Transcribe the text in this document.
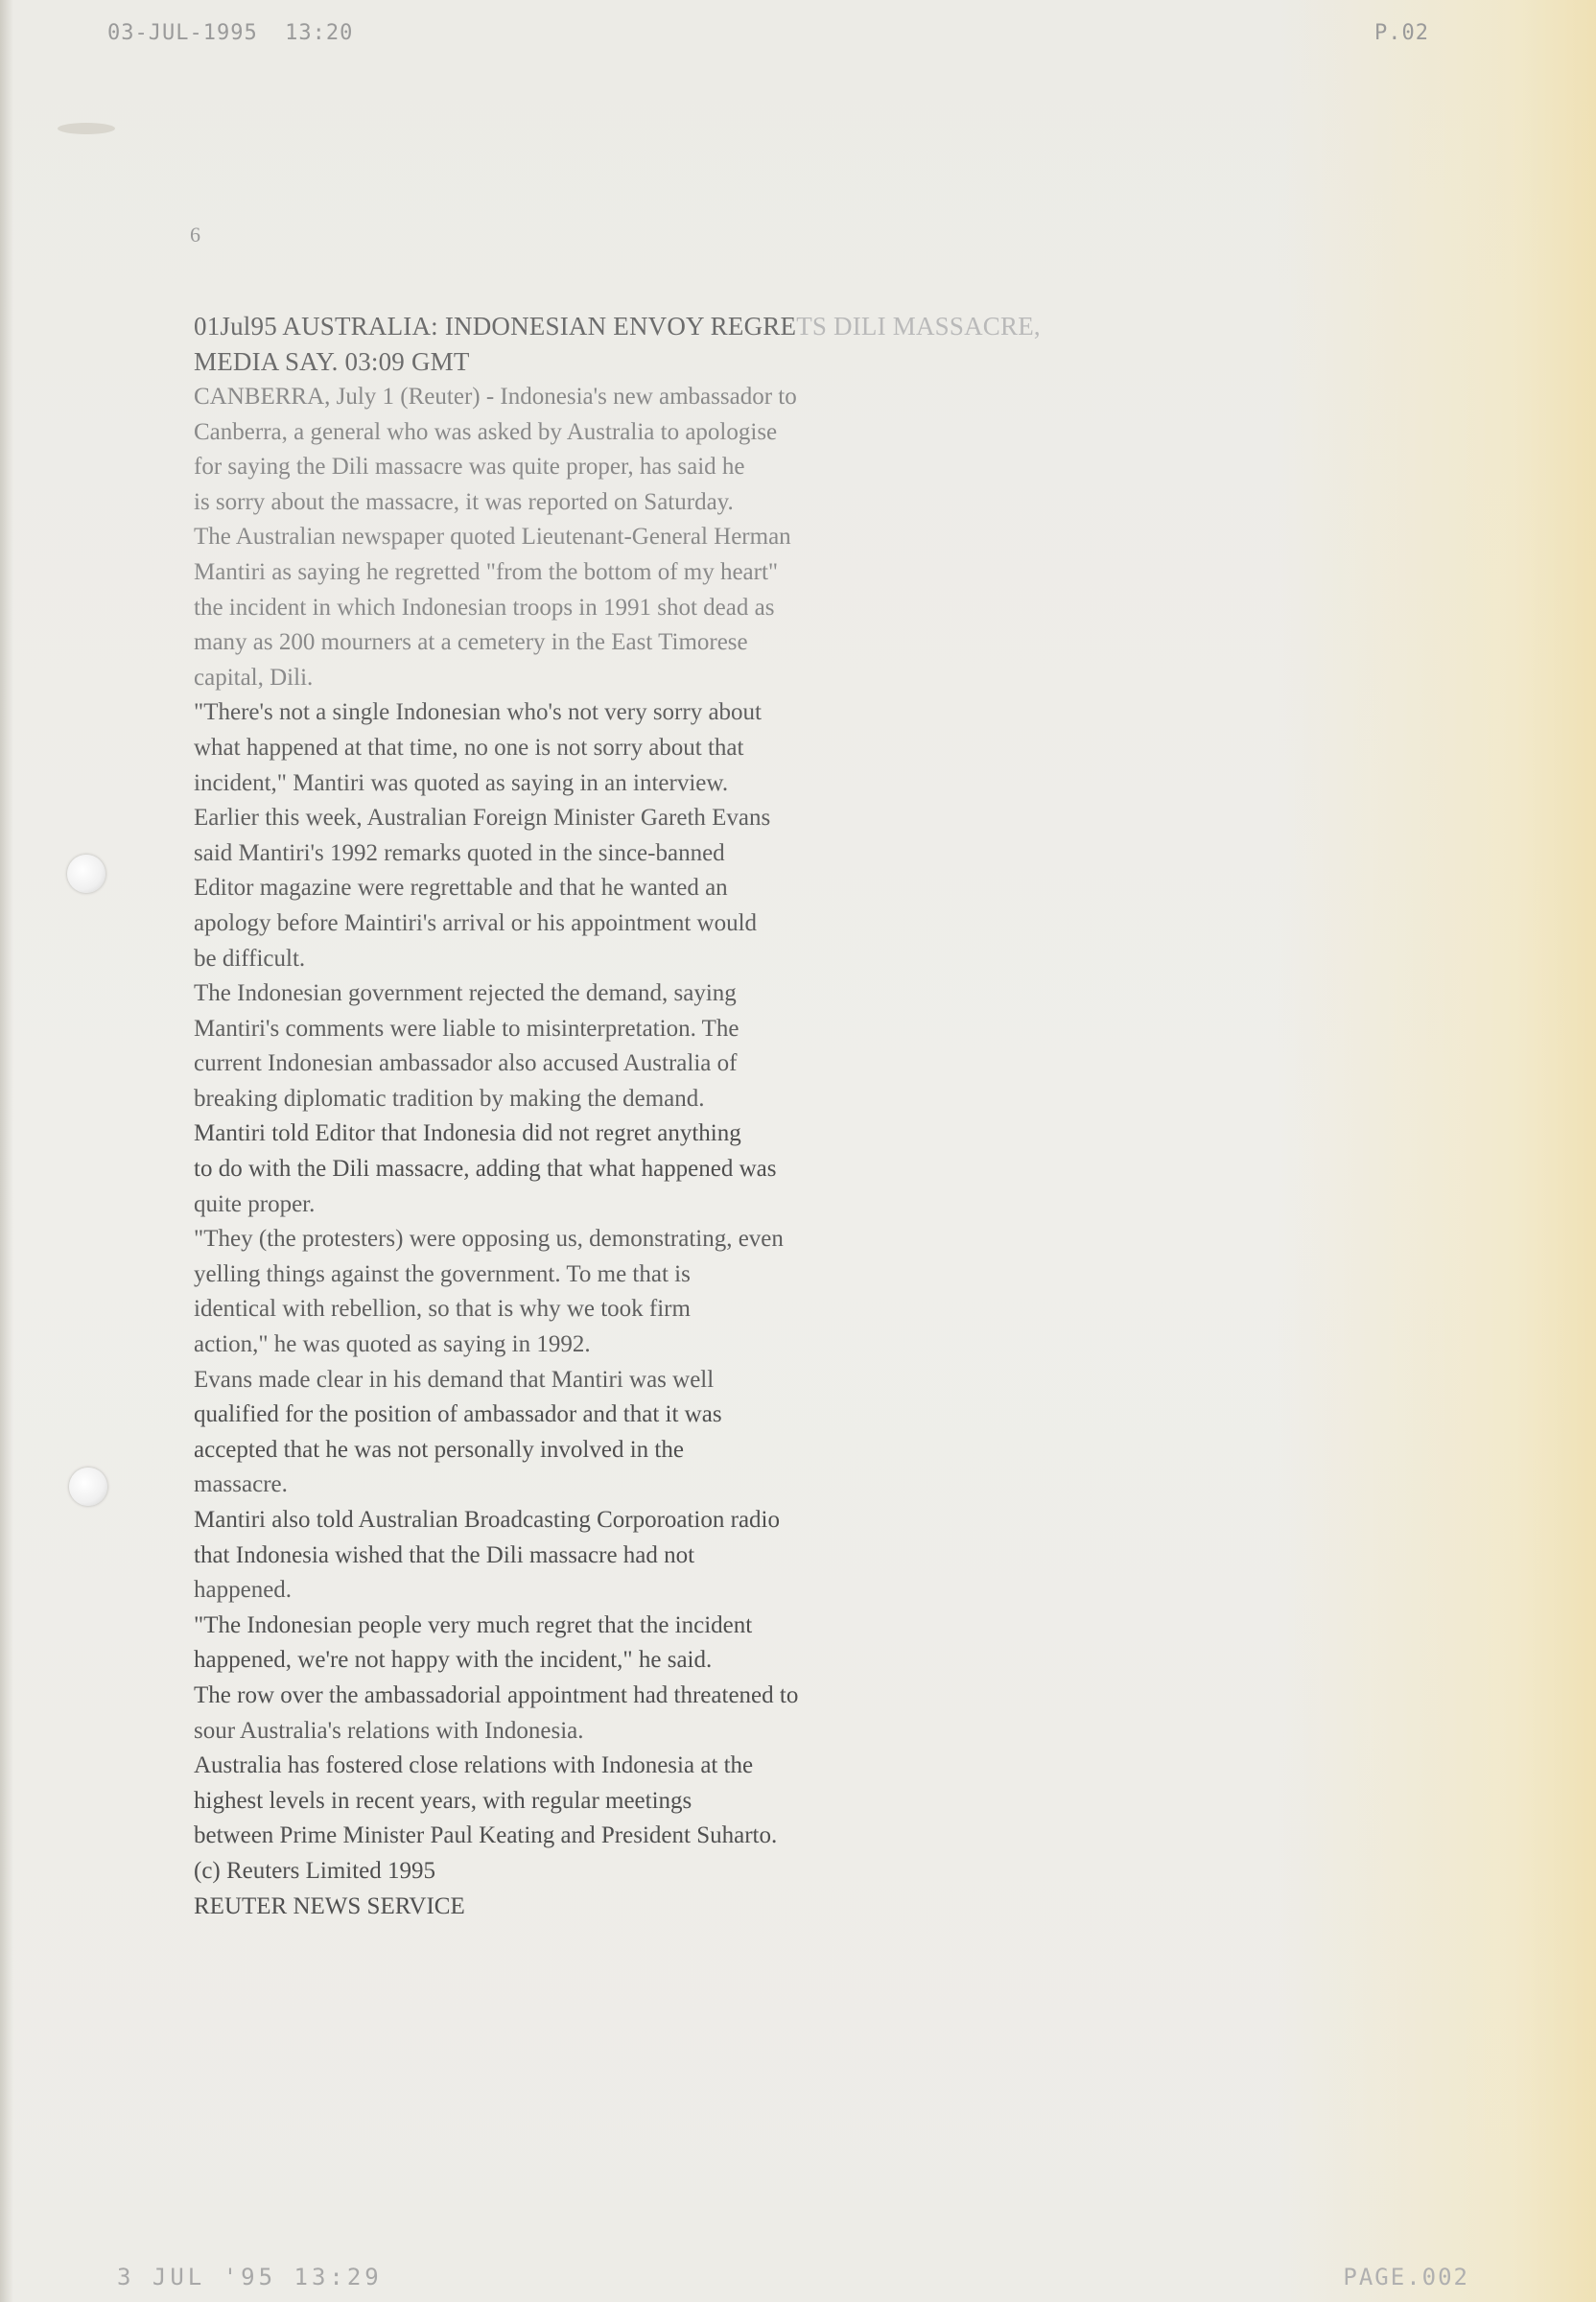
03-JUL-1995  13:20	P.02
6

01Jul95 AUSTRALIA: INDONESIAN ENVOY REGRETS DILI MASSACRE,
MEDIA SAY. 03:09 GMT

CANBERRA, July 1 (Reuter) - Indonesia's new ambassador to
Canberra, a general who was asked by Australia to apologise
for saying the Dili massacre was quite proper, has said he
is sorry about the massacre, it was reported on Saturday.
The Australian newspaper quoted Lieutenant-General Herman
Mantiri as saying he regretted "from the bottom of my heart"
the incident in which Indonesian troops in 1991 shot dead as
many as 200 mourners at a cemetery in the East Timorese
capital, Dili.
"There's not a single Indonesian who's not very sorry about
what happened at that time, no one is not sorry about that
incident," Mantiri was quoted as saying in an interview.
Earlier this week, Australian Foreign Minister Gareth Evans
said Mantiri's 1992 remarks quoted in the since-banned
Editor magazine were regrettable and that he wanted an
apology before Maintiri's arrival or his appointment would
be difficult.
The Indonesian government rejected the demand, saying
Mantiri's comments were liable to misinterpretation. The
current Indonesian ambassador also accused Australia of
breaking diplomatic tradition by making the demand.
Mantiri told Editor that Indonesia did not regret anything
to do with the Dili massacre, adding that what happened was
quite proper.
"They (the protesters) were opposing us, demonstrating, even
yelling things against the government. To me that is
identical with rebellion, so that is why we took firm
action," he was quoted as saying in 1992.
Evans made clear in his demand that Mantiri was well
qualified for the position of ambassador and that it was
accepted that he was not personally involved in the
massacre.
Mantiri also told Australian Broadcasting Corporoation radio
that Indonesia wished that the Dili massacre had not
happened.
"The Indonesian people very much regret that the incident
happened, we're not happy with the incident," he said.
The row over the ambassadorial appointment had threatened to
sour Australia's relations with Indonesia.
Australia has fostered close relations with Indonesia at the
highest levels in recent years, with regular meetings
between Prime Minister Paul Keating and President Suharto.
(c) Reuters Limited 1995
REUTER NEWS SERVICE
3 JUL '95 13:29	PAGE.002
